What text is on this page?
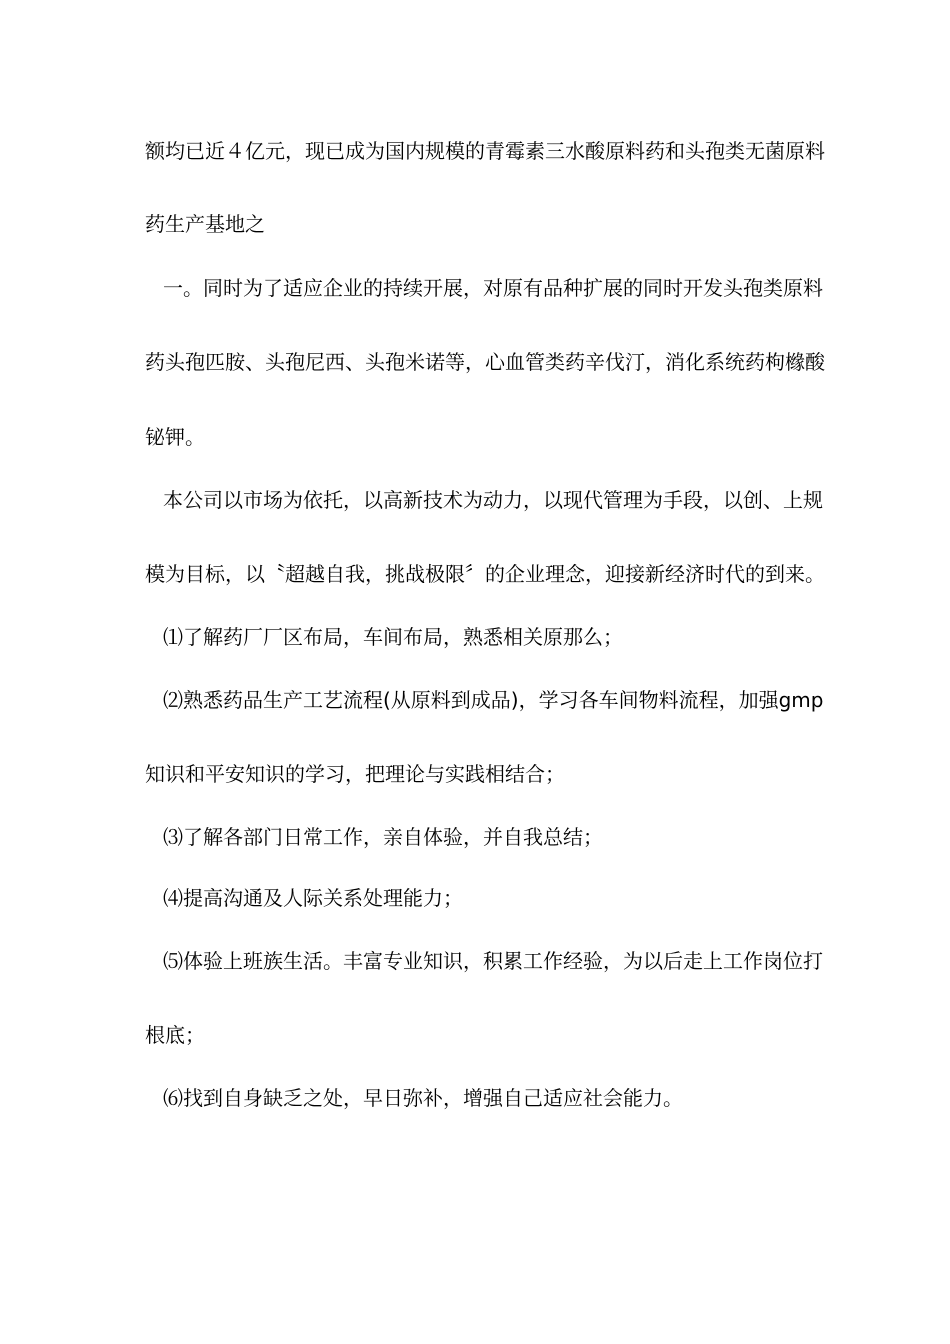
额均已近４亿元，现已成为国内规模的青霉素三水酸原料药和头孢类无菌原料
药生产基地之
一。同时为了适应企业的持续开展，对原有品种扩展的同时开发头孢类原料
药头孢匹胺、头孢尼西、头孢米诺等，心血管类药辛伐汀，消化系统药枸橼酸
铋钾。
本公司以市场为依托，以高新技术为动力，以现代管理为手段，以创、上规
模为目标，以〝超越自我，挑战极限〞的企业理念，迎接新经济时代的到来。
⑴了解药厂厂区布局，车间布局，熟悉相关原那么；
⑵熟悉药品生产工艺流程(从原料到成品)，学习各车间物料流程，加强gmp
知识和平安知识的学习，把理论与实践相结合；
⑶了解各部门日常工作，亲自体验，并自我总结；
⑷提高沟通及人际关系处理能力；
⑸体验上班族生活。丰富专业知识，积累工作经验，为以后走上工作岗位打
根底；
⑹找到自身缺乏之处，早日弥补，增强自己适应社会能力。
